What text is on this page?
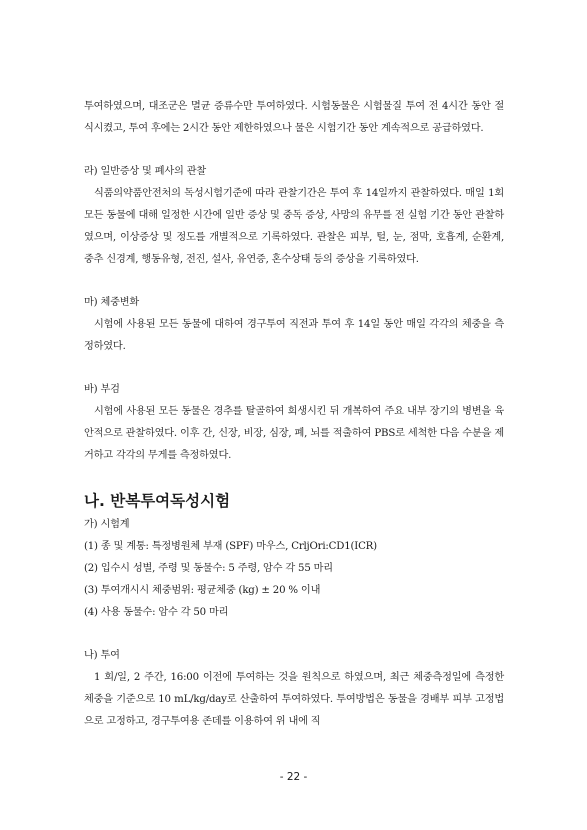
투여하였으며, 대조군은 멸균 증류수만 투여하였다. 시험동물은 시험물질 투여 전 4시간 동안 절식시켰고, 투여 후에는 2시간 동안 제한하였으나 물은 시험기간 동안 계속적으로 공급하였다.

라) 일반증상 및 폐사의 관찰

식품의약품안전처의 독성시험기준에 따라 관찰기간은 투여 후 14일까지 관찰하였다. 매일 1회 모든 동물에 대해 일정한 시간에 일반 증상 및 중독 증상, 사망의 유무를 전 실험 기간 동안 관찰하였으며, 이상증상 및 정도를 개별적으로 기록하였다. 관찰은 피부, 털, 눈, 점막, 호흡계, 순환계, 중추 신경계, 행동유형, 전진, 설사, 유연증, 혼수상태 등의 증상을 기록하였다.

마) 체중변화

시험에 사용된 모든 동물에 대하여 경구투여 직전과 투여 후 14일 동안 매일 각각의 체중을 측정하였다.

바) 부검

시험에 사용된 모든 동물은 경추를 탈골하여 희생시킨 뒤 개복하여 주요 내부 장기의 병변을 육안적으로 관찰하였다. 이후 간, 신장, 비장, 심장, 폐, 뇌를 적출하여 PBS로 세척한 다음 수분을 제거하고 각각의 무게를 측정하였다.

나. 반복투여독성시험

가) 시험계

(1) 종 및 계통: 특정병원체 부재 (SPF) 마우스, CrljOri:CD1(ICR)
(2) 입수시 성별, 주령 및 동물수: 5 주령, 암수 각 55 마리
(3) 투여개시시 체중범위: 평균체중 (kg) ± 20 % 이내
(4) 사용 동물수: 암수 각 50 마리

나) 투여

1 회/일, 2 주간, 16:00 이전에 투여하는 것을 원칙으로 하였으며, 최근 체중측정일에 측정한 체중을 기준으로 10 mL/kg/day로 산출하여 투여하였다. 투여방법은 동물을 경배부 피부 고정법으로 고정하고, 경구투여용 존데를 이용하여 위 내에 직

- 22 -
